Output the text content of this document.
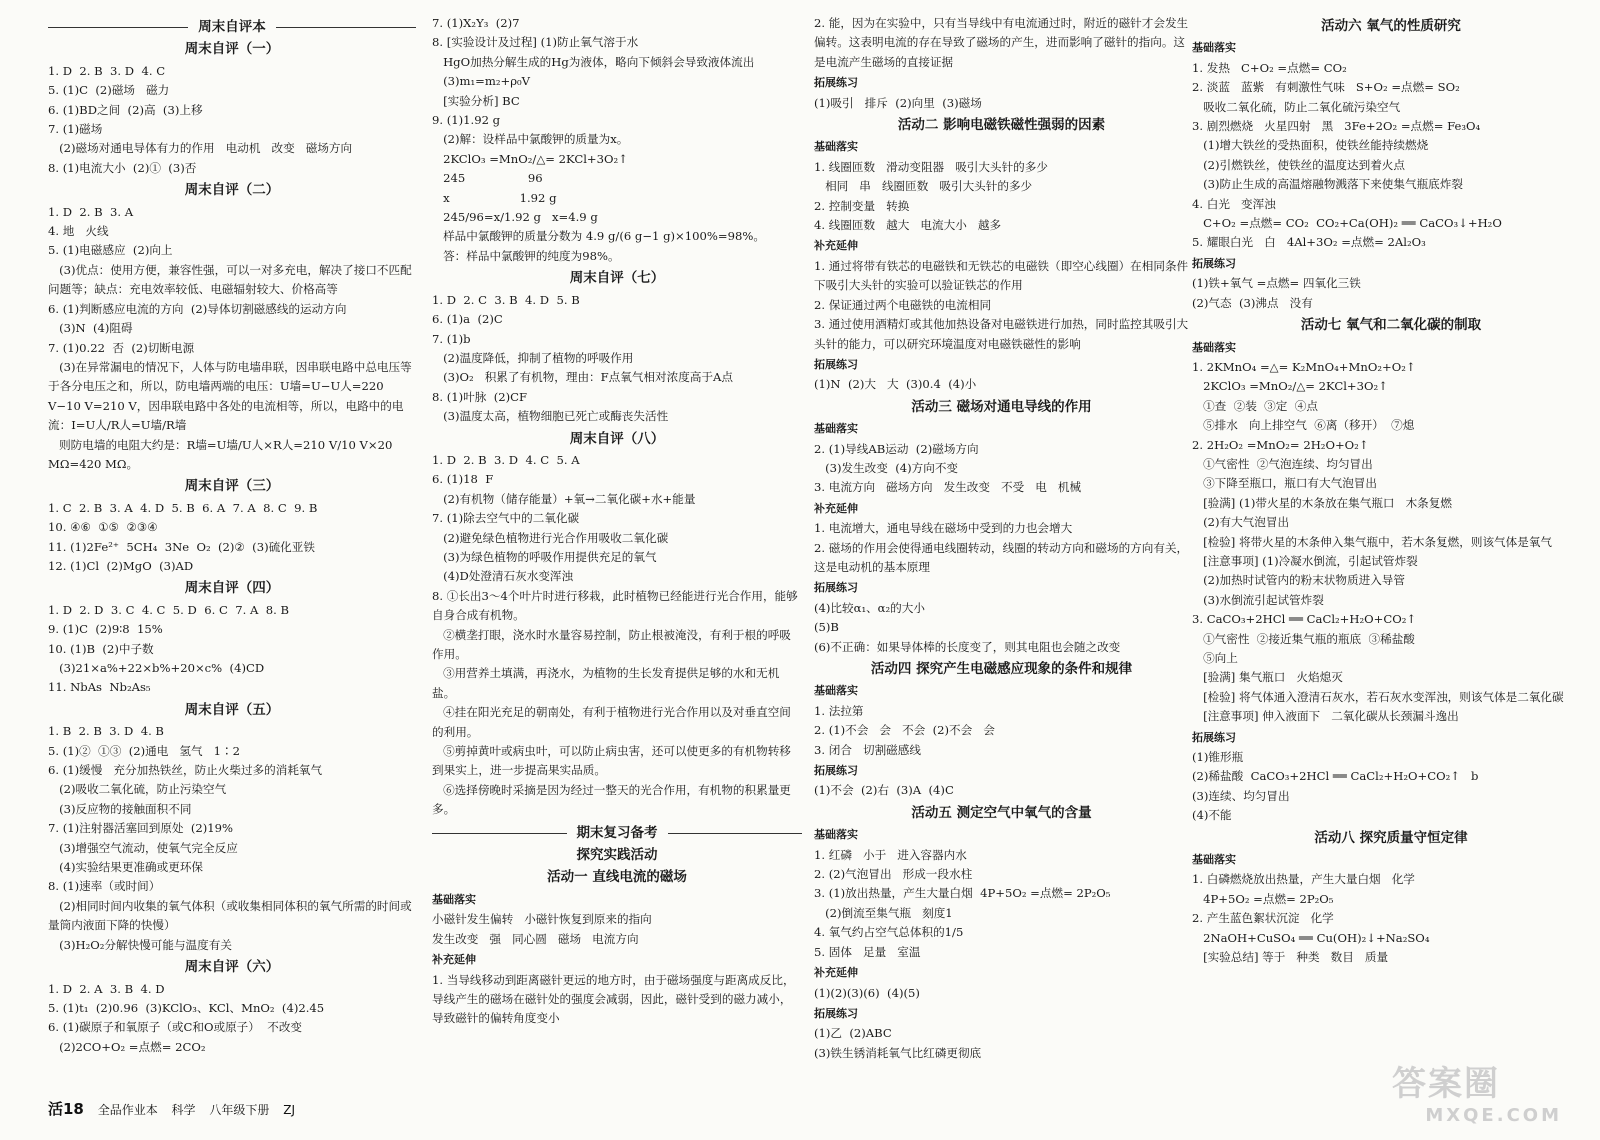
周末自评本
周末自评（一）
1. D  2. B  3. D  4. C
5. (1)C  (2)磁场   磁力
6. (1)BD之间  (2)高  (3)上移
7. (1)磁场
(2)磁场对通电导体有力的作用   电动机   改变   磁场方向
8. (1)电流大小  (2)①  (3)否
周末自评（二）
1. D  2. B  3. A
4. 地   火线
5. (1)电磁感应  (2)向上
(3)优点：使用方便，兼容性强，可以一对多充电，解决了接口不匹配问题等；缺点：充电效率较低、电磁辐射较大、价格高等
6. (1)判断感应电流的方向  (2)导体切割磁感线的运动方向
(3)N  (4)阻碍
7. (1)0.22  否  (2)切断电源
(3)在异常漏电的情况下，人体与防电墙串联，因串联电路中总电压等于各分电压之和，所以，防电墙两端的电压：U墙=U−U人=220 V−10 V=210 V，因串联电路中各处的电流相等，所以，电路中的电流：I=U人/R人=U墙/R墙
则防电墙的电阻大约是：R墙=U墙/U人×R人=210 V/10 V×20 MΩ=420 MΩ。
周末自评（三）
1. C  2. B  3. A  4. D  5. B  6. A  7. A  8. C  9. B
10. ④⑥  ①⑤  ②③④
11. (1)2Fe²⁺  5CH₄  3Ne  O₂  (2)②  (3)硫化亚铁
12. (1)Cl  (2)MgO  (3)AD
周末自评（四）
1. D  2. D  3. C  4. C  5. D  6. C  7. A  8. B
9. (1)C  (2)9∶8  15%
10. (1)B  (2)中子数
(3)21×a%+22×b%+20×c%  (4)CD
11. NbAs  Nb₂As₅
周末自评（五）
1. B  2. B  3. D  4. B
5. (1)②  ①③  (2)通电   氢气   1∶2
6. (1)缓慢   充分加热铁丝，防止火柴过多的消耗氧气
(2)吸收二氧化硫，防止污染空气
(3)反应物的接触面积不同
7. (1)注射器活塞回到原处  (2)19%
(3)增强空气流动，使氧气完全反应
(4)实验结果更准确或更环保
8. (1)速率（或时间）
(2)相同时间内收集的氧气体积（或收集相同体积的氧气所需的时间或量筒内液面下降的快慢）
(3)H₂O₂分解快慢可能与温度有关
周末自评（六）
1. D  2. A  3. B  4. D
5. (1)t₁  (2)0.96  (3)KClO₃、KCl、MnO₂  (4)2.45
6. (1)碳原子和氧原子（或C和O或原子）  不改变
(2)2CO+O₂ =点燃= 2CO₂
7. (1)X₂Y₃  (2)7
8. [实验设计及过程] (1)防止氧气溶于水
HgO加热分解生成的Hg为液体，略向下倾斜会导致液体流出
(3)m₁=m₂+ρ₀V
[实验分析] BC
9. (1)1.92 g
(2)解：设样品中氯酸钾的质量为x。
2KClO₃ =MnO₂/△= 2KCl+3O₂↑
245                 96
x                   1.92 g
245/96=x/1.92 g   x=4.9 g
样品中氯酸钾的质量分数为 4.9 g/(6 g−1 g)×100%=98%。
答：样品中氯酸钾的纯度为98%。
周末自评（七）
1. D  2. C  3. B  4. D  5. B
6. (1)a  (2)C
7. (1)b
(2)温度降低，抑制了植物的呼吸作用
(3)O₂   积累了有机物，理由：F点氧气相对浓度高于A点
8. (1)叶脉  (2)CF
(3)温度太高，植物细胞已死亡或酶丧失活性
周末自评（八）
1. D  2. B  3. D  4. C  5. A
6. (1)18  F
(2)有机物（储存能量）+氧→二氧化碳+水+能量
7. (1)除去空气中的二氧化碳
(2)避免绿色植物进行光合作用吸收二氧化碳
(3)为绿色植物的呼吸作用提供充足的氧气
(4)D处澄清石灰水变浑浊
8. ①长出3～4个叶片时进行移栽，此时植物已经能进行光合作用，能够自身合成有机物。
②横垄打眼，浇水时水量容易控制，防止根被淹没，有利于根的呼吸作用。
③用营养土填满，再浇水，为植物的生长发育提供足够的水和无机盐。
④挂在阳光充足的朝南处，有利于植物进行光合作用以及对垂直空间的利用。
⑤剪掉黄叶或病虫叶，可以防止病虫害，还可以使更多的有机物转移到果实上，进一步提高果实品质。
⑥选择傍晚时采摘是因为经过一整天的光合作用，有机物的积累量更多。
期末复习备考
探究实践活动
活动一 直线电流的磁场
基础落实
小磁针发生偏转   小磁针恢复到原来的指向
发生改变   强   同心圆   磁场   电流方向
补充延伸
1. 当导线移动到距离磁针更远的地方时，由于磁场强度与距离成反比，导线产生的磁场在磁针处的强度会减弱，因此，磁针受到的磁力减小，导致磁针的偏转角度变小
2. 能，因为在实验中，只有当导线中有电流通过时，附近的磁针才会发生偏转。这表明电流的存在导致了磁场的产生，进而影响了磁针的指向。这是电流产生磁场的直接证据
拓展练习
(1)吸引   排斥  (2)向里  (3)磁场
活动二 影响电磁铁磁性强弱的因素
基础落实
1. 线圈匝数   滑动变阻器   吸引大头针的多少
相同   串   线圈匝数   吸引大头针的多少
2. 控制变量   转换
4. 线圈匝数   越大   电流大小   越多
补充延伸
1. 通过将带有铁芯的电磁铁和无铁芯的电磁铁（即空心线圈）在相同条件下吸引大头针的实验可以验证铁芯的作用
2. 保证通过两个电磁铁的电流相同
3. 通过使用酒精灯或其他加热设备对电磁铁进行加热，同时监控其吸引大头针的能力，可以研究环境温度对电磁铁磁性的影响
拓展练习
(1)N  (2)大   大  (3)0.4  (4)小
活动三 磁场对通电导线的作用
基础落实
2. (1)导线AB运动  (2)磁场方向
(3)发生改变  (4)方向不变
3. 电流方向   磁场方向   发生改变   不受   电   机械
补充延伸
1. 电流增大，通电导线在磁场中受到的力也会增大
2. 磁场的作用会使得通电线圈转动，线圈的转动方向和磁场的方向有关，这是电动机的基本原理
拓展练习
(4)比较α₁、α₂的大小
(5)B
(6)不正确：如果导体棒的长度变了，则其电阻也会随之改变
活动四 探究产生电磁感应现象的条件和规律
基础落实
1. 法拉第
2. (1)不会   会   不会  (2)不会   会
3. 闭合   切割磁感线
拓展练习
(1)不会  (2)右  (3)A  (4)C
活动五 测定空气中氧气的含量
基础落实
1. 红磷   小于   进入容器内水
2. (2)气泡冒出   形成一段水柱
3. (1)放出热量，产生大量白烟  4P+5O₂ =点燃= 2P₂O₅
(2)倒流至集气瓶   刻度1
4. 氧气约占空气总体积的1/5
5. 固体   足量   室温
补充延伸
(1)(2)(3)(6)  (4)(5)
拓展练习
(1)乙  (2)ABC
(3)铁生锈消耗氧气比红磷更彻底
活动六 氧气的性质研究
基础落实
1. 发热   C+O₂ =点燃= CO₂
2. 淡蓝   蓝紫   有刺激性气味   S+O₂ =点燃= SO₂
吸收二氧化硫，防止二氧化硫污染空气
3. 剧烈燃烧   火星四射   黑   3Fe+2O₂ =点燃= Fe₃O₄
(1)增大铁丝的受热面积，使铁丝能持续燃烧
(2)引燃铁丝，使铁丝的温度达到着火点
(3)防止生成的高温熔融物溅落下来使集气瓶底炸裂
4. 白光   变浑浊
C+O₂ =点燃= CO₂  CO₂+Ca(OH)₂ ══ CaCO₃↓+H₂O
5. 耀眼白光   白   4Al+3O₂ =点燃= 2Al₂O₃
拓展练习
(1)铁+氧气 =点燃= 四氧化三铁
(2)气态  (3)沸点   没有
活动七 氧气和二氧化碳的制取
基础落实
1. 2KMnO₄ =△= K₂MnO₄+MnO₂+O₂↑
2KClO₃ =MnO₂/△= 2KCl+3O₂↑
①查  ②装  ③定  ④点
⑤排水   向上排空气  ⑥离（移开）  ⑦熄
2. 2H₂O₂ =MnO₂= 2H₂O+O₂↑
①气密性  ②气泡连续、均匀冒出
③下降至瓶口，瓶口有大气泡冒出
[验满] (1)带火星的木条放在集气瓶口   木条复燃
(2)有大气泡冒出
[检验] 将带火星的木条伸入集气瓶中，若木条复燃，则该气体是氧气
[注意事项] (1)冷凝水倒流，引起试管炸裂
(2)加热时试管内的粉末状物质进入导管
(3)水倒流引起试管炸裂
3. CaCO₃+2HCl ══ CaCl₂+H₂O+CO₂↑
①气密性  ②接近集气瓶的瓶底  ③稀盐酸
⑤向上
[验满] 集气瓶口   火焰熄灭
[检验] 将气体通入澄清石灰水，若石灰水变浑浊，则该气体是二氧化碳
[注意事项] 伸入液面下   二氧化碳从长颈漏斗逸出
拓展练习
(1)锥形瓶
(2)稀盐酸  CaCO₃+2HCl ══ CaCl₂+H₂O+CO₂↑   b
(3)连续、均匀冒出
(4)不能
活动八 探究质量守恒定律
基础落实
1. 白磷燃烧放出热量，产生大量白烟   化学
4P+5O₂ =点燃= 2P₂O₅
2. 产生蓝色絮状沉淀   化学
2NaOH+CuSO₄ ══ Cu(OH)₂↓+Na₂SO₄
[实验总结] 等于   种类   数目   质量
活18 全品作业本 科学 八年级下册 ZJ
答案圈
MXQE.COM
